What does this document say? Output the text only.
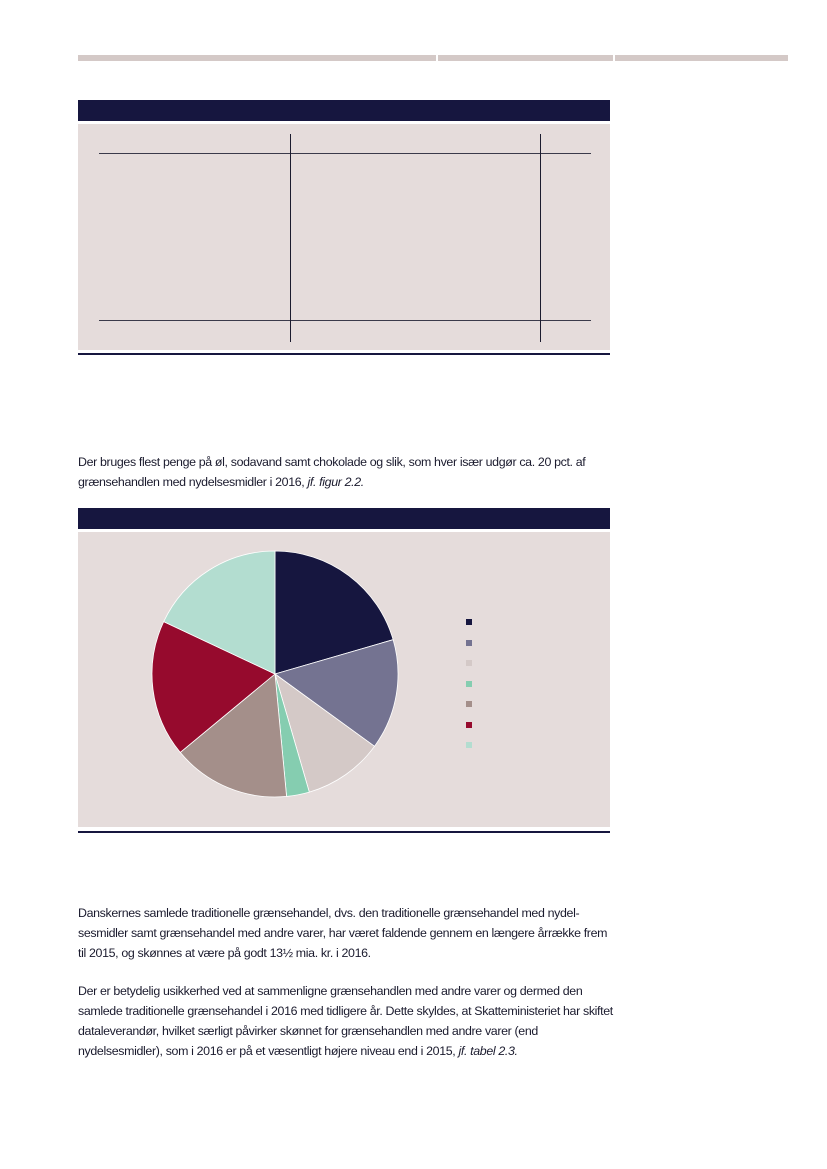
Der bruges flest penge på øl, sodavand samt chokolade og slik, som hver især udgør ca. 20 pct. af grænsehandlen med nydelsesmidler i 2016, jf. figur 2.2.

Danskernes samlede traditionelle grænsehandel, dvs. den traditionelle grænsehandel med nydel-sesmidler samt grænsehandel med andre varer, har været faldende gennem en længere årrække frem til 2015, og skønnes at være på godt 13½ mia. kr. i 2016.

Der er betydelig usikkerhed ved at sammenligne grænsehandlen med andre varer og dermed den samlede traditionelle grænsehandel i 2016 med tidligere år. Dette skyldes, at Skatteministeriet har skiftet dataleverandør, hvilket særligt påvirker skønnet for grænsehandlen med andre varer (end nydelsesmidler), som i 2016 er på et væsentligt højere niveau end i 2015, jf. tabel 2.3.
